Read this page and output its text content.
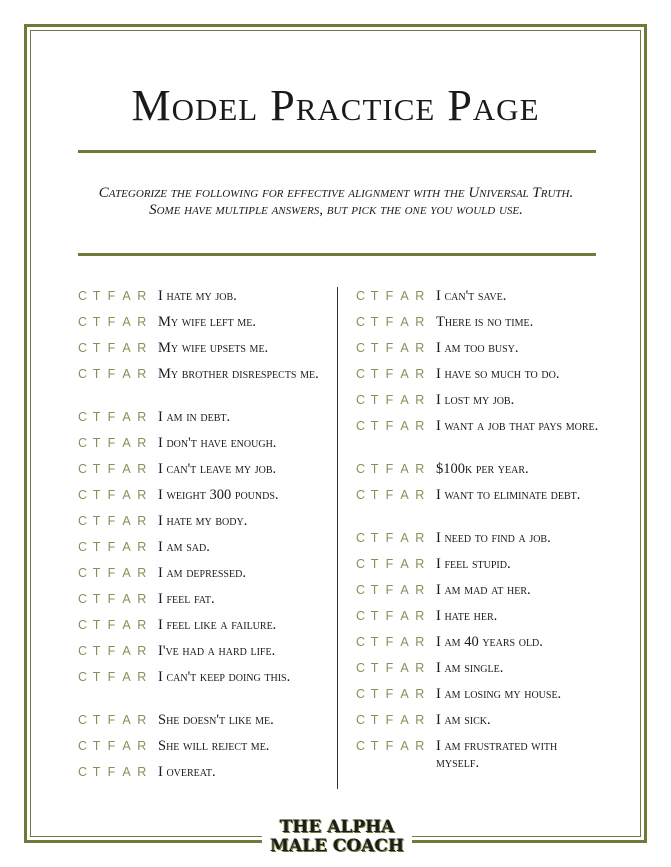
Model Practice Page
Categorize the following for effective alignment with the Universal Truth. Some have multiple answers, but pick the one you would use.
C T F A R I hate my job.
C T F A R My wife left me.
C T F A R My wife upsets me.
C T F A R My brother disrespects me.
C T F A R I am in debt.
C T F A R I don't have enough.
C T F A R I can't leave my job.
C T F A R I weight 300 pounds.
C T F A R I hate my body.
C T F A R I am sad.
C T F A R I am depressed.
C T F A R I feel fat.
C T F A R I feel like a failure.
C T F A R I've had a hard life.
C T F A R I can't keep doing this.
C T F A R She doesn't like me.
C T F A R She will reject me.
C T F A R I overeat.
C T F A R I can't save.
C T F A R There is no time.
C T F A R I am too busy.
C T F A R I have so much to do.
C T F A R I lost my job.
C T F A R I want a job that pays more.
C T F A R $100k per year.
C T F A R I want to eliminate debt.
C T F A R I need to find a job.
C T F A R I feel stupid.
C T F A R I am mad at her.
C T F A R I hate her.
C T F A R I am 40 years old.
C T F A R I am single.
C T F A R I am losing my house.
C T F A R I am sick.
C T F A R I am frustrated with myself.
THE ALPHA
MALE COACH
